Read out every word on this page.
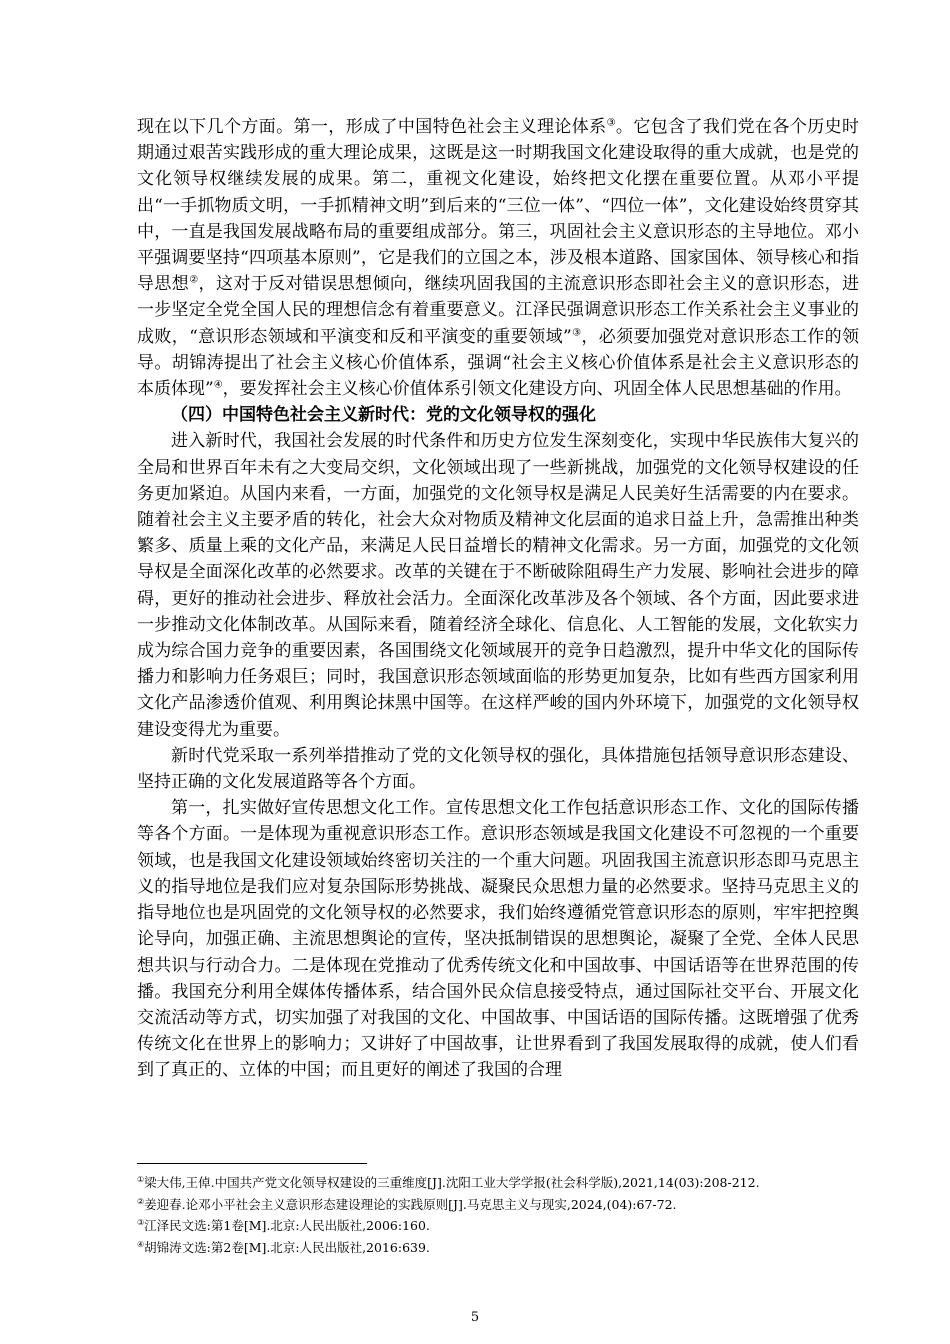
现在以下几个方面。第一，形成了中国特色社会主义理论体系③。它包含了我们党在各个历史时期通过艰苦实践形成的重大理论成果，这既是这一时期我国文化建设取得的重大成就，也是党的文化领导权继续发展的成果。第二，重视文化建设，始终把文化摆在重要位置。从邓小平提出“一手抓物质文明，一手抓精神文明”到后来的“三位一体”、“四位一体”，文化建设始终贯穿其中，一直是我国发展战略布局的重要组成部分。第三，巩固社会主义意识形态的主导地位。邓小平强调要坚持“四项基本原则”，它是我们的立国之本，涉及根本道路、国家国体、领导核心和指导思想②，这对于反对错误思想倾向，继续巩固我国的主流意识形态即社会主义的意识形态，进一步坚定全党全国人民的理想信念有着重要意义。江泽民强调意识形态工作关系社会主义事业的成败，“意识形态领域和平演变和反和平演变的重要领域”③，必须要加强党对意识形态工作的领导。胡锦涛提出了社会主义核心价值体系，强调“社会主义核心价值体系是社会主义意识形态的本质体现”④，要发挥社会主义核心价值体系引领文化建设方向、巩固全体人民思想基础的作用。

（四）中国特色社会主义新时代：党的文化领导权的强化

进入新时代，我国社会发展的时代条件和历史方位发生深刻变化，实现中华民族伟大复兴的全局和世界百年未有之大变局交织，文化领域出现了一些新挑战，加强党的文化领导权建设的任务更加紧迫。从国内来看，一方面，加强党的文化领导权是满足人民美好生活需要的内在要求。随着社会主义主要矛盾的转化，社会大众对物质及精神文化层面的追求日益上升，急需推出种类繁多、质量上乘的文化产品，来满足人民日益增长的精神文化需求。另一方面，加强党的文化领导权是全面深化改革的必然要求。改革的关键在于不断破除阻碍生产力发展、影响社会进步的障碍，更好的推动社会进步、释放社会活力。全面深化改革涉及各个领域、各个方面，因此要求进一步推动文化体制改革。从国际来看，随着经济全球化、信息化、人工智能的发展，文化软实力成为综合国力竞争的重要因素，各国围绕文化领域展开的竞争日趋激烈，提升中华文化的国际传播力和影响力任务艰巨；同时，我国意识形态领域面临的形势更加复杂，比如有些西方国家利用文化产品渗透价值观、利用舆论抹黑中国等。在这样严峻的国内外环境下，加强党的文化领导权建设变得尤为重要。

新时代党采取一系列举措推动了党的文化领导权的强化，具体措施包括领导意识形态建设、坚持正确的文化发展道路等各个方面。

第一，扎实做好宣传思想文化工作。宣传思想文化工作包括意识形态工作、文化的国际传播等各个方面。一是体现为重视意识形态工作。意识形态领域是我国文化建设不可忽视的一个重要领域，也是我国文化建设领域始终密切关注的一个重大问题。巩固我国主流意识形态即马克思主义的指导地位是我们应对复杂国际形势挑战、凝聚民众思想力量的必然要求。坚持马克思主义的指导地位也是巩固党的文化领导权的必然要求，我们始终遵循党管意识形态的原则，牢牢把控舆论导向，加强正确、主流思想舆论的宣传，坚决抵制错误的思想舆论，凝聚了全党、全体人民思想共识与行动合力。二是体现在党推动了优秀传统文化和中国故事、中国话语等在世界范围的传播。我国充分利用全媒体传播体系，结合国外民众信息接受特点，通过国际社交平台、开展文化交流活动等方式，切实加强了对我国的文化、中国故事、中国话语的国际传播。这既增强了优秀传统文化在世界上的影响力；又讲好了中国故事，让世界看到了我国发展取得的成就，使人们看到了真正的、立体的中国；而且更好的阐述了我国的合理

①梁大伟,王倬.中国共产党文化领导权建设的三重维度[J].沈阳工业大学学报(社会科学版),2021,14(03):208-212.
②姜迎春.论邓小平社会主义意识形态建设理论的实践原则[J].马克思主义与现实,2024,(04):67-72.
③江泽民文选:第1卷[M].北京:人民出版社,2006:160.
④胡锦涛文选:第2卷[M].北京:人民出版社,2016:639.
5
